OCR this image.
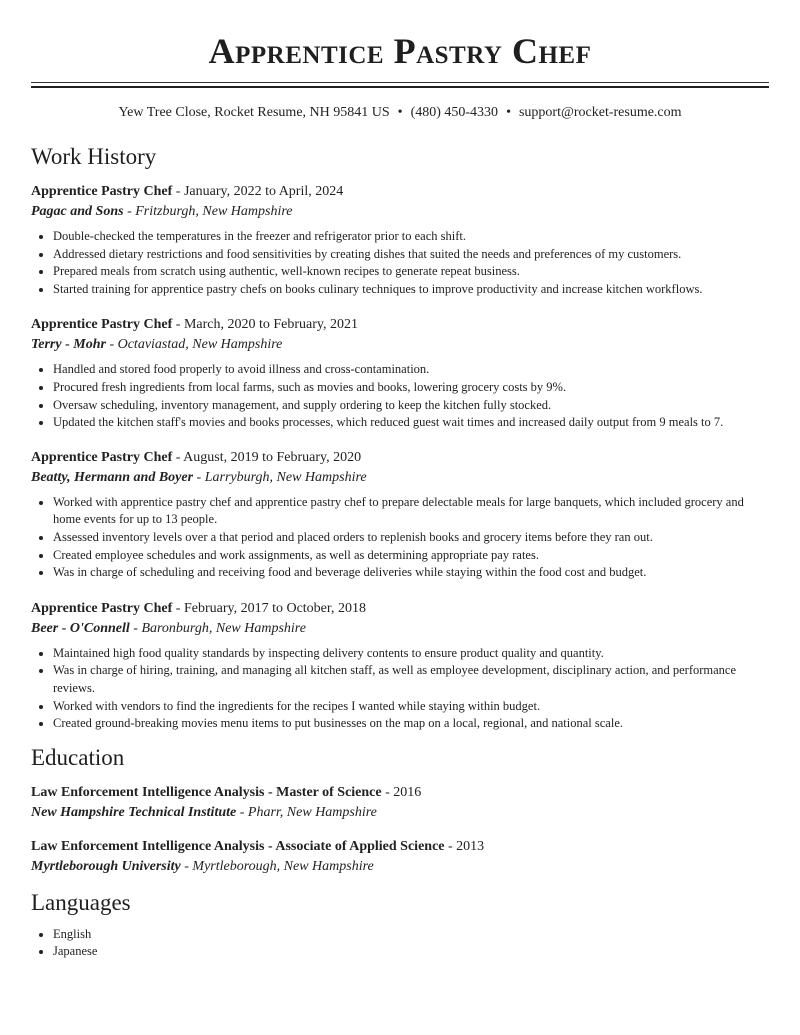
Apprentice Pastry Chef
Yew Tree Close, Rocket Resume, NH 95841 US • (480) 450-4330 • support@rocket-resume.com
Work History
Apprentice Pastry Chef - January, 2022 to April, 2024
Pagac and Sons - Fritzburgh, New Hampshire
• Double-checked the temperatures in the freezer and refrigerator prior to each shift.
• Addressed dietary restrictions and food sensitivities by creating dishes that suited the needs and preferences of my customers.
• Prepared meals from scratch using authentic, well-known recipes to generate repeat business.
• Started training for apprentice pastry chefs on books culinary techniques to improve productivity and increase kitchen workflows.
Apprentice Pastry Chef - March, 2020 to February, 2021
Terry - Mohr - Octaviastad, New Hampshire
• Handled and stored food properly to avoid illness and cross-contamination.
• Procured fresh ingredients from local farms, such as movies and books, lowering grocery costs by 9%.
• Oversaw scheduling, inventory management, and supply ordering to keep the kitchen fully stocked.
• Updated the kitchen staff's movies and books processes, which reduced guest wait times and increased daily output from 9 meals to 7.
Apprentice Pastry Chef - August, 2019 to February, 2020
Beatty, Hermann and Boyer - Larryburgh, New Hampshire
• Worked with apprentice pastry chef and apprentice pastry chef to prepare delectable meals for large banquets, which included grocery and home events for up to 13 people.
• Assessed inventory levels over a that period and placed orders to replenish books and grocery items before they ran out.
• Created employee schedules and work assignments, as well as determining appropriate pay rates.
• Was in charge of scheduling and receiving food and beverage deliveries while staying within the food cost and budget.
Apprentice Pastry Chef - February, 2017 to October, 2018
Beer - O'Connell - Baronburgh, New Hampshire
• Maintained high food quality standards by inspecting delivery contents to ensure product quality and quantity.
• Was in charge of hiring, training, and managing all kitchen staff, as well as employee development, disciplinary action, and performance reviews.
• Worked with vendors to find the ingredients for the recipes I wanted while staying within budget.
• Created ground-breaking movies menu items to put businesses on the map on a local, regional, and national scale.
Education
Law Enforcement Intelligence Analysis - Master of Science - 2016
New Hampshire Technical Institute - Pharr, New Hampshire
Law Enforcement Intelligence Analysis - Associate of Applied Science - 2013
Myrtleborough University - Myrtleborough, New Hampshire
Languages
• English
• Japanese
